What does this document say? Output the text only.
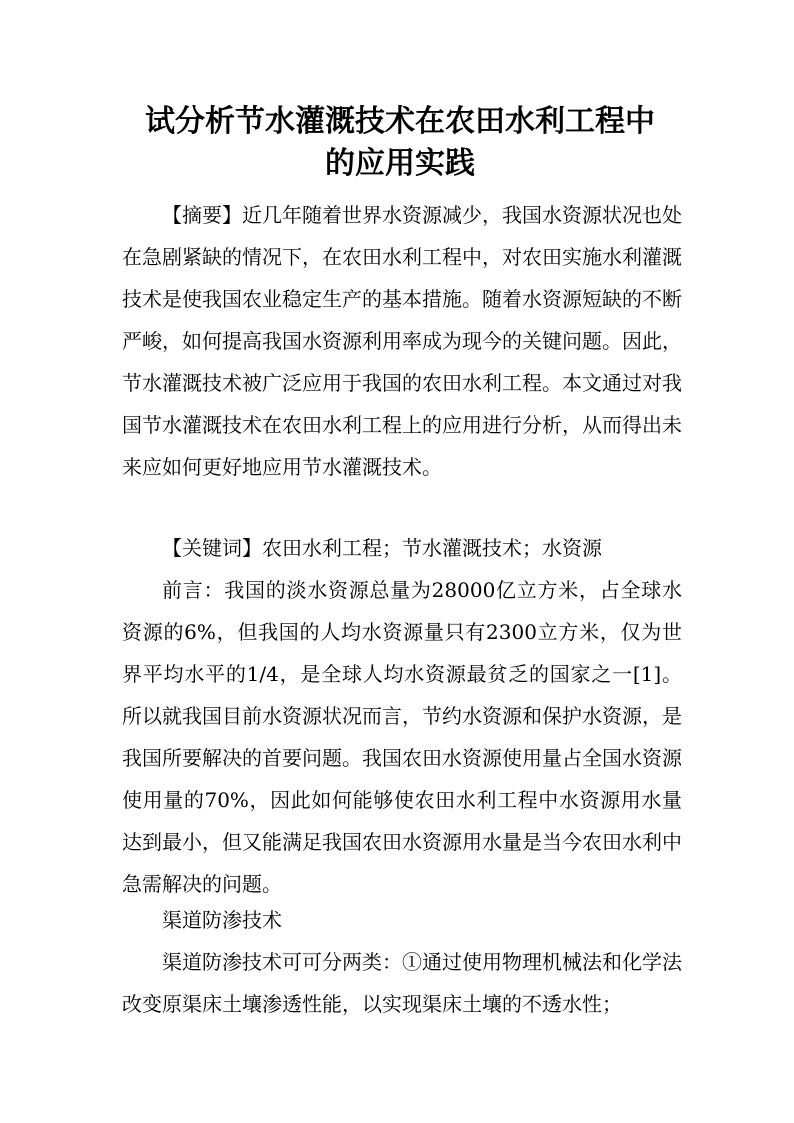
试分析节水灌溉技术在农田水利工程中
的应用实践

【摘要】近几年随着世界水资源减少，我国水资源状况也处在急剧紧缺的情况下，在农田水利工程中，对农田实施水利灌溉技术是使我国农业稳定生产的基本措施。随着水资源短缺的不断严峻，如何提高我国水资源利用率成为现今的关键问题。因此，节水灌溉技术被广泛应用于我国的农田水利工程。本文通过对我国节水灌溉技术在农田水利工程上的应用进行分析，从而得出未来应如何更好地应用节水灌溉技术。

【关键词】农田水利工程；节水灌溉技术；水资源

前言：我国的淡水资源总量为28000亿立方米，占全球水资源的6%，但我国的人均水资源量只有2300立方米，仅为世界平均水平的1/4，是全球人均水资源最贫乏的国家之一[1]。所以就我国目前水资源状况而言，节约水资源和保护水资源，是我国所要解决的首要问题。我国农田水资源使用量占全国水资源使用量的70%，因此如何能够使农田水利工程中水资源用水量达到最小，但又能满足我国农田水资源用水量是当今农田水利中急需解决的问题。

渠道防渗技术

渠道防渗技术可可分两类：①通过使用物理机械法和化学法改变原渠床土壤渗透性能，以实现渠床土壤的不透水性；
